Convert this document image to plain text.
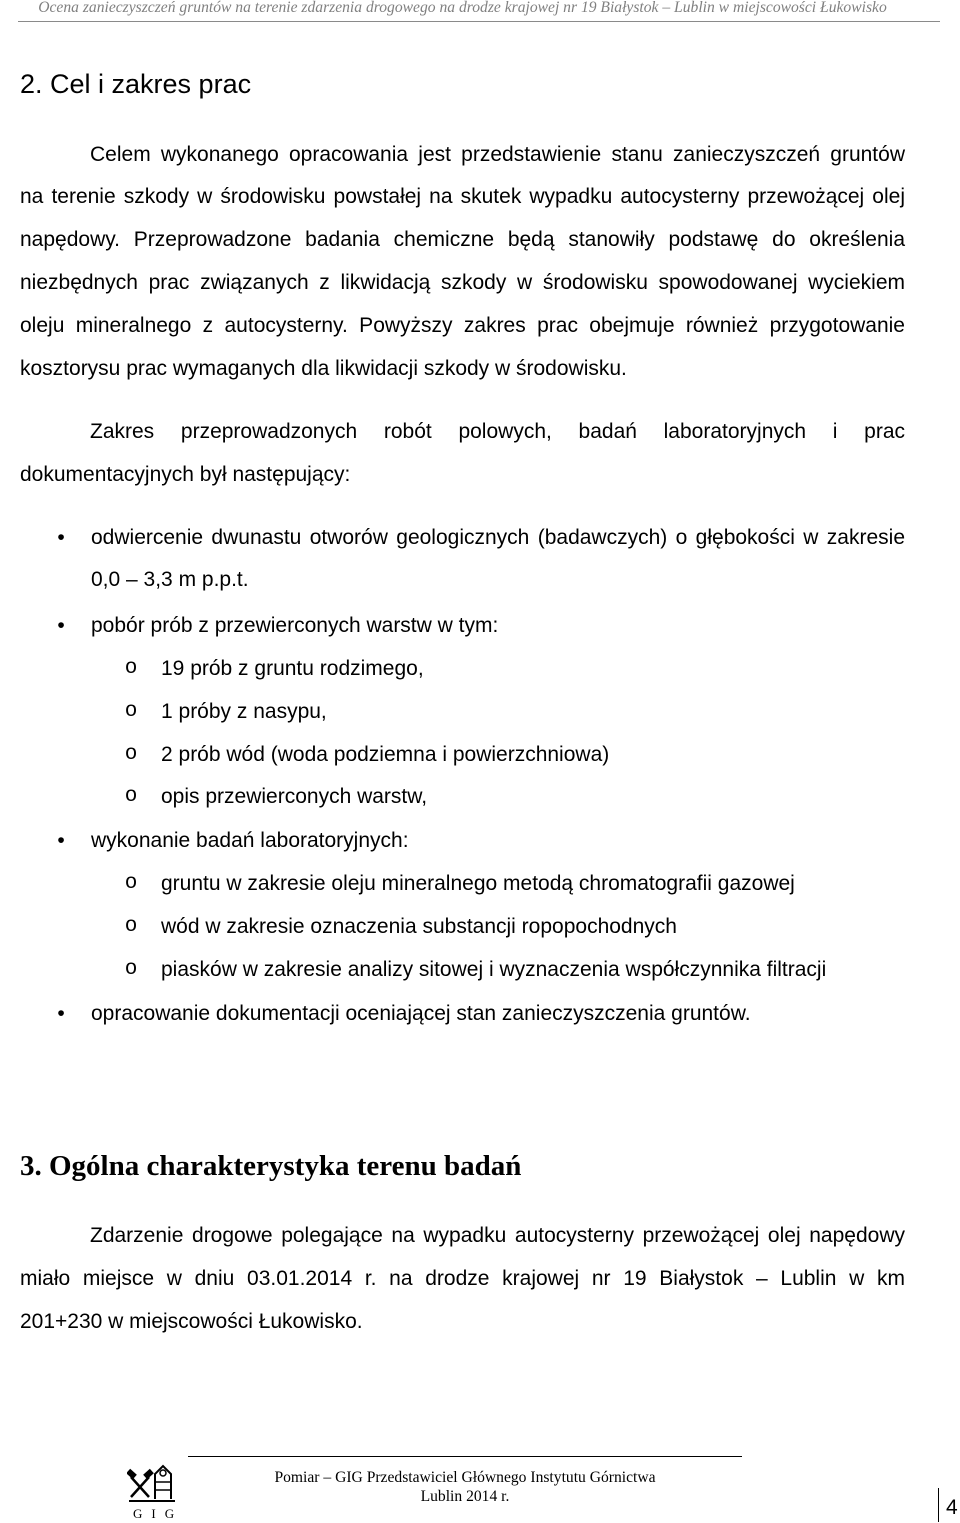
Ocena zanieczyszczeń gruntów na terenie zdarzenia drogowego na drodze krajowej nr 19 Białystok – Lublin w miejscowości Łukowisko
2. Cel i zakres prac
Celem wykonanego opracowania jest przedstawienie stanu zanieczyszczeń gruntów
na terenie szkody w środowisku powstałej na skutek wypadku autocysterny przewożącej olej
napędowy. Przeprowadzone badania chemiczne będą stanowiły podstawę do określenia
niezbędnych prac związanych z likwidacją szkody w środowisku spowodowanej wyciekiem
oleju mineralnego z autocysterny. Powyższy zakres prac obejmuje również przygotowanie
kosztorysu prac wymaganych dla likwidacji szkody w środowisku.
Zakres przeprowadzonych robót polowych, badań laboratoryjnych i prac
dokumentacyjnych był następujący:
• odwiercenie dwunastu otworów geologicznych (badawczych) o głębokości w zakresie
0,0 – 3,3 m p.p.t.
• pobór prób z przewierconych warstw w tym:
o 19 prób z gruntu rodzimego,
o 1 próby z nasypu,
o 2 prób wód (woda podziemna i powierzchniowa)
o opis przewierconych warstw,
• wykonanie badań laboratoryjnych:
o gruntu w zakresie oleju mineralnego metodą chromatografii gazowej
o wód w zakresie oznaczenia substancji ropopochodnych
o piasków w zakresie analizy sitowej i wyznaczenia współczynnika filtracji
• opracowanie dokumentacji oceniającej stan zanieczyszczenia gruntów.
3. Ogólna charakterystyka terenu badań
Zdarzenie drogowe polegające na wypadku autocysterny przewożącej olej napędowy
miało miejsce w dniu 03.01.2014 r. na drodze krajowej nr 19 Białystok – Lublin w km
201+230 w miejscowości Łukowisko.
GIG
Pomiar – GIG Przedstawiciel Głównego Instytutu Górnictwa
Lublin 2014 r.	4
